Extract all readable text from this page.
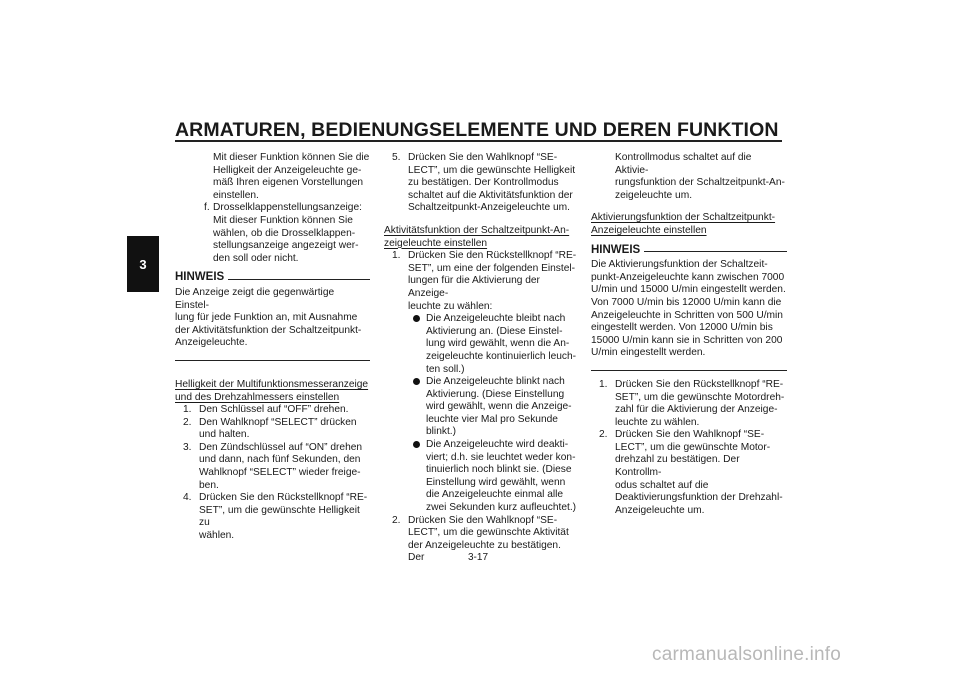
ARMATUREN, BEDIENUNGSELEMENTE UND DEREN FUNKTION
3
Mit dieser Funktion können Sie die
Helligkeit der Anzeigeleuchte ge-
mäß Ihren eigenen Vorstellungen
einstellen.
f. Drosselklappenstellungsanzeige:
Mit dieser Funktion können Sie
wählen, ob die Drosselklappen-
stellungsanzeige angezeigt wer-
den soll oder nicht.
HINWEIS
Die Anzeige zeigt die gegenwärtige Einstel-
lung für jede Funktion an, mit Ausnahme
der Aktivitätsfunktion der Schaltzeitpunkt-
Anzeigeleuchte.
Helligkeit der Multifunktionsmesseranzeige
und des Drehzahlmessers einstellen
1. Den Schlüssel auf “OFF” drehen.
2. Den Wahlknopf “SELECT” drücken
und halten.
3. Den Zündschlüssel auf “ON” drehen
und dann, nach fünf Sekunden, den
Wahlknopf “SELECT” wieder freige-
ben.
4. Drücken Sie den Rückstellknopf “RE-
SET”, um die gewünschte Helligkeit zu
wählen.
5. Drücken Sie den Wahlknopf “SE-
LECT”, um die gewünschte Helligkeit
zu bestätigen. Der Kontrollmodus
schaltet auf die Aktivitätsfunktion der
Schaltzeitpunkt-Anzeigeleuchte um.
Aktivitätsfunktion der Schaltzeitpunkt-An-
zeigeleuchte einstellen
1. Drücken Sie den Rückstellknopf “RE-
SET”, um eine der folgenden Einstel-
lungen für die Aktivierung der Anzeige-
leuchte zu wählen:
Die Anzeigeleuchte bleibt nach
Aktivierung an. (Diese Einstel-
lung wird gewählt, wenn die An-
zeigeleuchte kontinuierlich leuch-
ten soll.)
Die Anzeigeleuchte blinkt nach
Aktivierung. (Diese Einstellung
wird gewählt, wenn die Anzeige-
leuchte vier Mal pro Sekunde
blinkt.)
Die Anzeigeleuchte wird deakti-
viert; d.h. sie leuchtet weder kon-
tinuierlich noch blinkt sie. (Diese
Einstellung wird gewählt, wenn
die Anzeigeleuchte einmal alle
zwei Sekunden kurz aufleuchtet.)
2. Drücken Sie den Wahlknopf “SE-
LECT”, um die gewünschte Aktivität
der Anzeigeleuchte zu bestätigen. Der
Kontrollmodus schaltet auf die Aktivie-
rungsfunktion der Schaltzeitpunkt-An-
zeigeleuchte um.
Aktivierungsfunktion der Schaltzeitpunkt-
Anzeigeleuchte einstellen
HINWEIS
Die Aktivierungsfunktion der Schaltzeit-
punkt-Anzeigeleuchte kann zwischen 7000
U/min und 15000 U/min eingestellt werden.
Von 7000 U/min bis 12000 U/min kann die
Anzeigeleuchte in Schritten von 500 U/min
eingestellt werden. Von 12000 U/min bis
15000 U/min kann sie in Schritten von 200
U/min eingestellt werden.
1. Drücken Sie den Rückstellknopf “RE-
SET”, um die gewünschte Motordreh-
zahl für die Aktivierung der Anzeige-
leuchte zu wählen.
2. Drücken Sie den Wahlknopf “SE-
LECT”, um die gewünschte Motor-
drehzahl zu bestätigen. Der Kontrollm-
odus schaltet auf die
Deaktivierungsfunktion der Drehzahl-
Anzeigeleuchte um.
3-17
carmanualsonline.info
